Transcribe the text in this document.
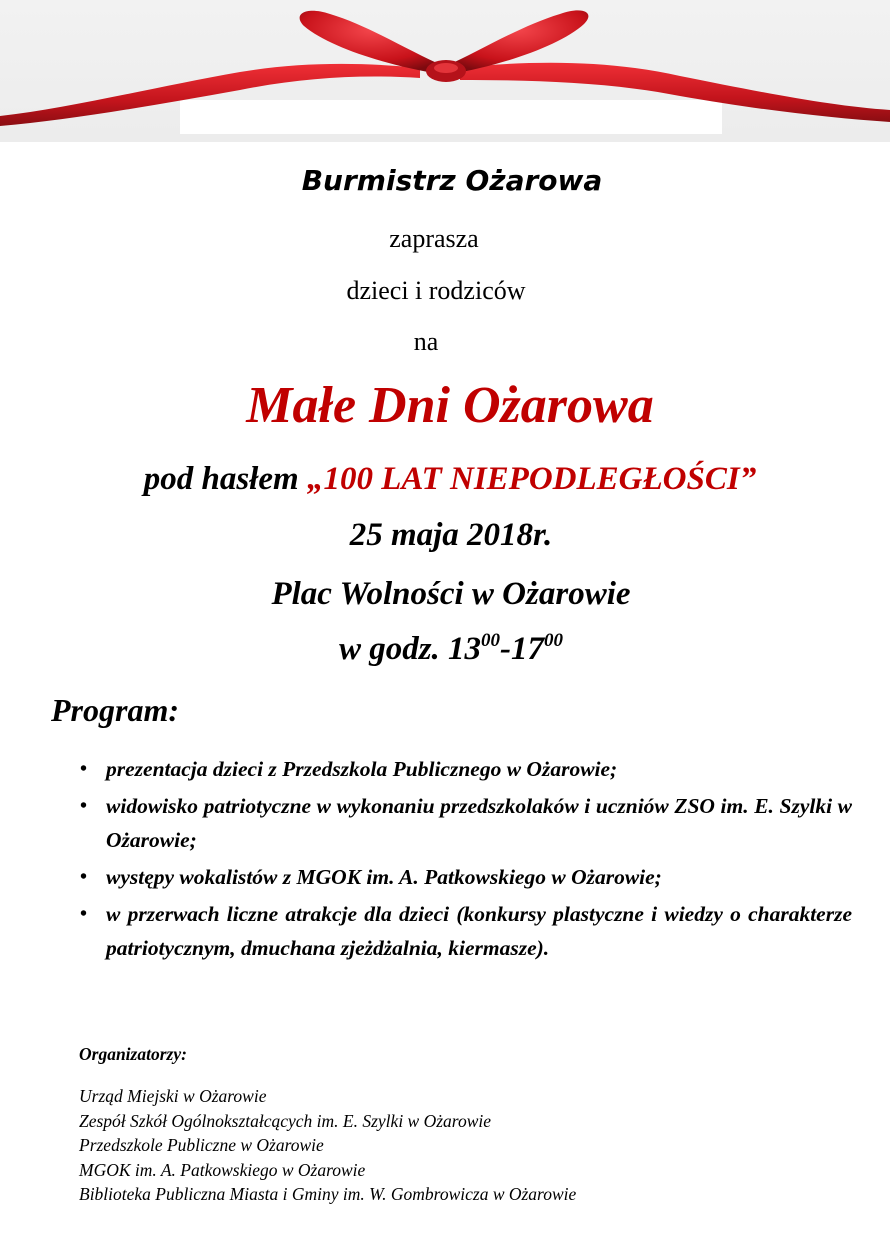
Burmistrz Ożarowa
zaprasza
dzieci i rodziców
na
Małe Dni Ożarowa
pod hasłem „100 LAT NIEPODLEGŁOŚCI”
25 maja 2018r.
Plac Wolności w Ożarowie
w godz. $13^{00}-17^{00}$
Program:
• prezentacja dzieci z Przedszkola Publicznego w Ożarowie;
• widowisko patriotyczne w wykonaniu przedszkolaków i uczniów ZSO im. E. Szylki w Ożarowie;
• występy wokalistów z MGOK im. A. Patkowskiego w Ożarowie;
• w przerwach liczne atrakcje dla dzieci (konkursy plastyczne i wiedzy o charakterze patriotycznym, dmuchana zjeżdżalnia, kiermasze).
Organizatorzy:
Urząd Miejski w Ożarowie
Zespół Szkół Ogólnokształcących im. E. Szylki w Ożarowie
Przedszkole Publiczne w Ożarowie
MGOK im. A. Patkowskiego w Ożarowie
Biblioteka Publiczna Miasta i Gminy im. W. Gombrowicza w Ożarowie
